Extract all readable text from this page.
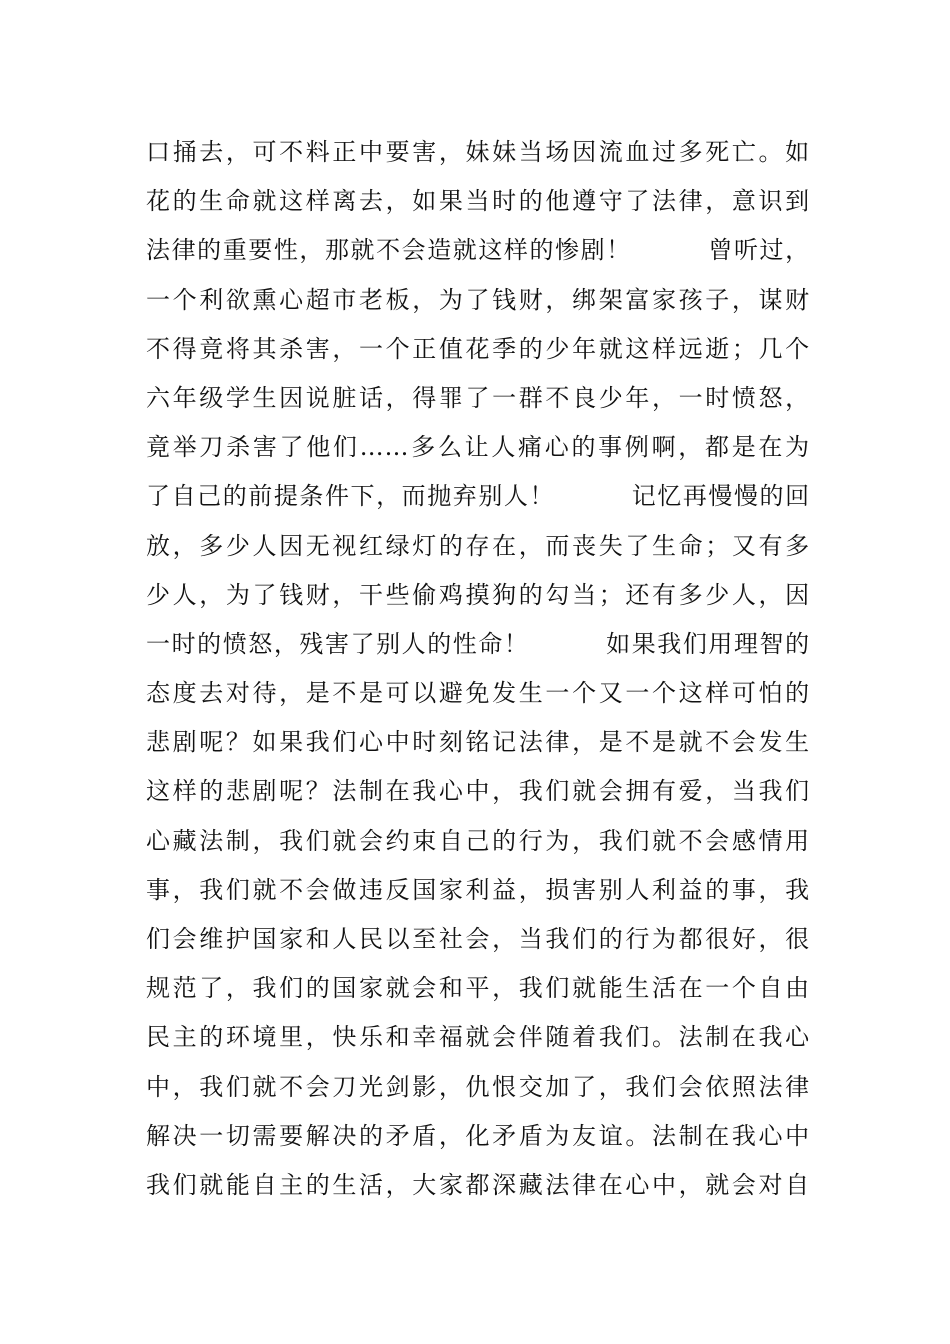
口捅去，可不料正中要害，妹妹当场因流血过多死亡。如
花的生命就这样离去，如果当时的他遵守了法律，意识到
法律的重要性，那就不会造就这样的惨剧！　　　曾听过，
一个利欲熏心超市老板，为了钱财，绑架富家孩子，谋财
不得竟将其杀害，一个正值花季的少年就这样远逝；几个
六年级学生因说脏话，得罪了一群不良少年，一时愤怒，
竟举刀杀害了他们……多么让人痛心的事例啊，都是在为
了自己的前提条件下，而抛弃别人！　　　记忆再慢慢的回
放，多少人因无视红绿灯的存在，而丧失了生命；又有多
少人，为了钱财，干些偷鸡摸狗的勾当；还有多少人，因
一时的愤怒，残害了别人的性命！　　　如果我们用理智的
态度去对待，是不是可以避免发生一个又一个这样可怕的
悲剧呢？如果我们心中时刻铭记法律，是不是就不会发生
这样的悲剧呢？法制在我心中，我们就会拥有爱，当我们
心藏法制，我们就会约束自己的行为，我们就不会感情用
事，我们就不会做违反国家利益，损害别人利益的事，我
们会维护国家和人民以至社会，当我们的行为都很好，很
规范了，我们的国家就会和平，我们就能生活在一个自由
民主的环境里，快乐和幸福就会伴随着我们。法制在我心
中，我们就不会刀光剑影，仇恨交加了，我们会依照法律
解决一切需要解决的矛盾，化矛盾为友谊。法制在我心中
我们就能自主的生活，大家都深藏法律在心中，就会对自
